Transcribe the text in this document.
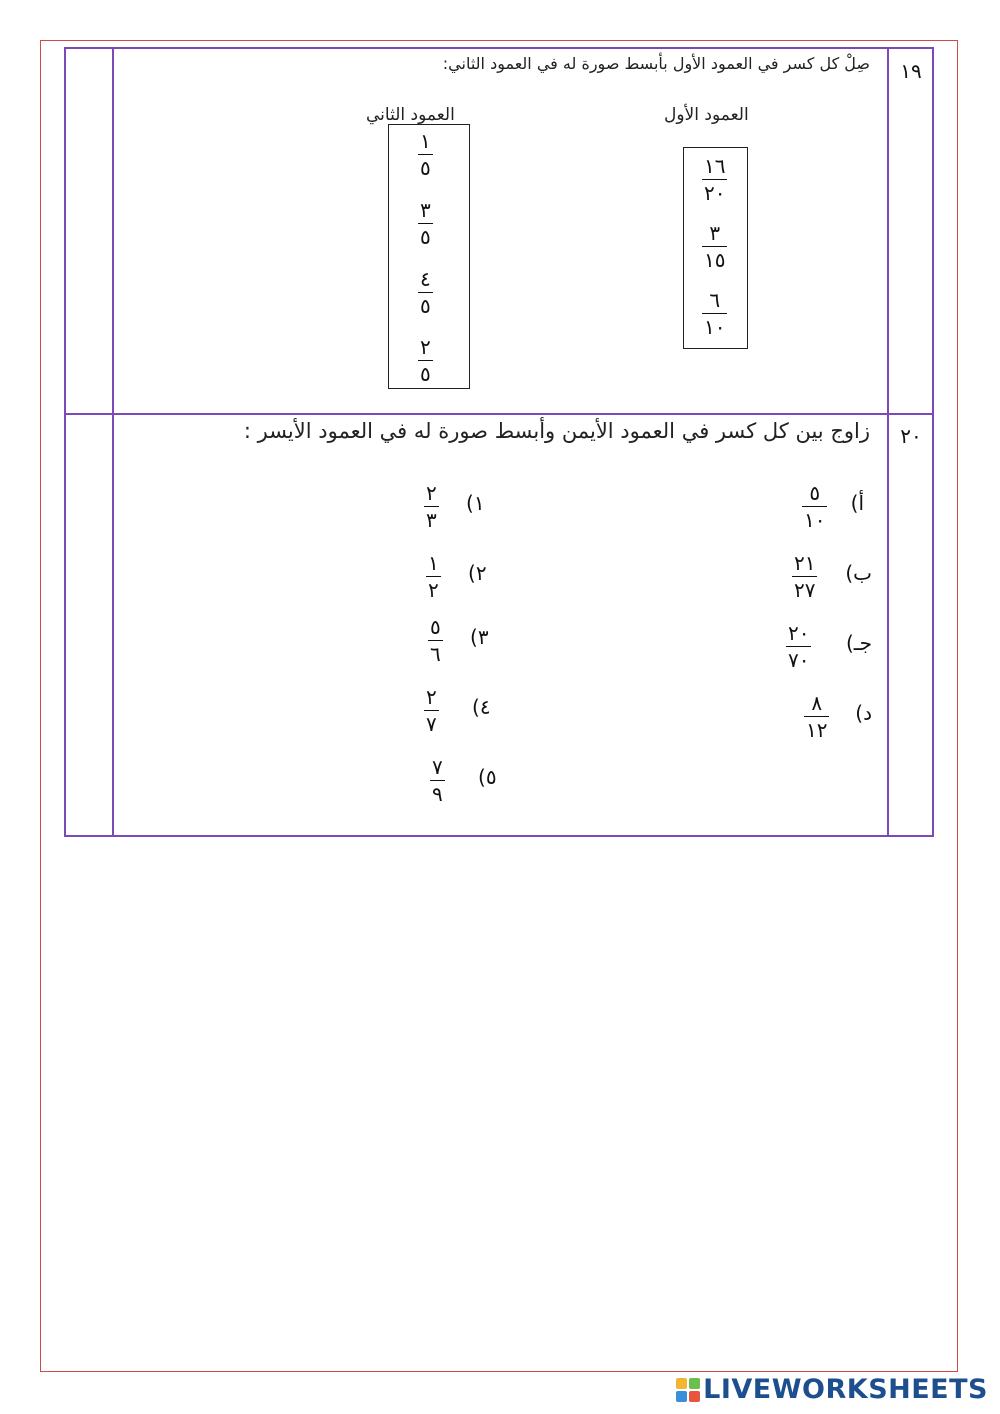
١٩
صِلْ كل كسر في العمود الأول بأبسط صورة له في العمود الثاني:
العمود الأول
العمود الثاني
١٦
٢٠
٣
١٥
٦
١٠
١
٥
٣
٥
٤
٥
٢
٥
٢٠
زاوج بين كل كسر في العمود الأيمن وأبسط صورة له في العمود الأيسر :
أ)
٥
١٠
ب)
٢١
٢٧
جـ)
٢٠
٧٠
د)
٨
١٢
١)
٢
٣
٢)
١
٢
٣)
٥
٦
٤)
٢
٧
٥)
٧
٩
LIVEWORKSHEETS
